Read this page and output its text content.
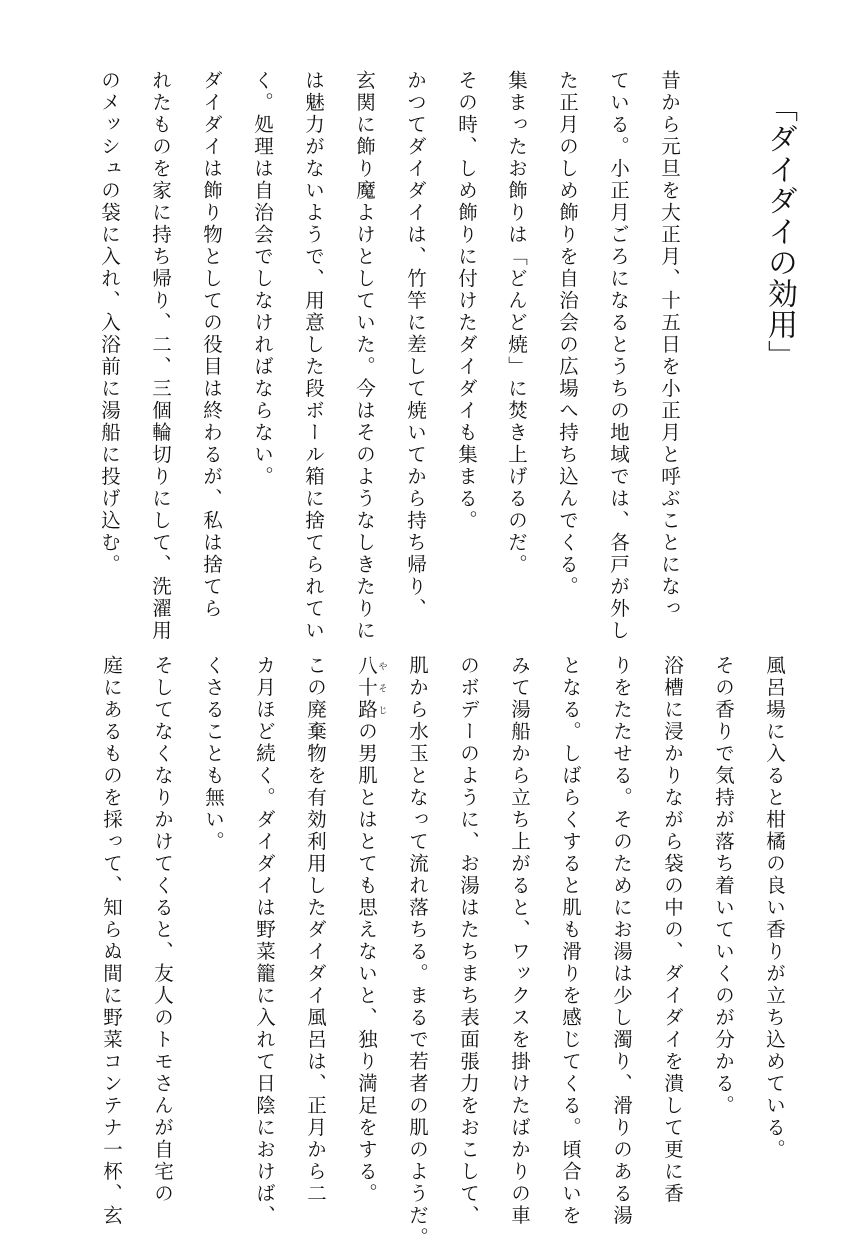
「ダイダイの効用」
昔から元旦を大正月、十五日を小正月と呼ぶことになっ
ている。小正月ごろになるとうちの地域では、各戸が外し
た正月のしめ飾りを自治会の広場へ持ち込んでくる。
集まったお飾りは「どんど焼」に焚き上げるのだ。
その時、しめ飾りに付けたダイダイも集まる。
かつてダイダイは、竹竿に差して焼いてから持ち帰り、
玄関に飾り魔よけとしていた。今はそのようなしきたりに
は魅力がないようで、用意した段ボール箱に捨てられてい
く。処理は自治会でしなければならない。
ダイダイは飾り物としての役目は終わるが、私は捨てら
れたものを家に持ち帰り、二、三個輪切りにして、洗濯用
のメッシュの袋に入れ、入浴前に湯船に投げ込む。
風呂場に入ると柑橘の良い香りが立ち込めている。
その香りで気持が落ち着いていくのが分かる。
浴槽に浸かりながら袋の中の、ダイダイを潰して更に香
りをたたせる。そのためにお湯は少し濁り、滑りのある湯
となる。しばらくすると肌も滑りを感じてくる。頃合いを
みて湯船から立ち上がると、ワックスを掛けたばかりの車
のボデーのように、お湯はたちまち表面張力をおこして、
肌から水玉となって流れ落ちる。まるで若者の肌のようだ。
八十路やそじの男肌とはとても思えないと、独り満足をする。
この廃棄物を有効利用したダイダイ風呂は、正月から二
カ月ほど続く。ダイダイは野菜籠に入れて日陰におけば、
くさることも無い。
そしてなくなりかけてくると、友人のトモさんが自宅の
庭にあるものを採って、知らぬ間に野菜コンテナ一杯、玄
